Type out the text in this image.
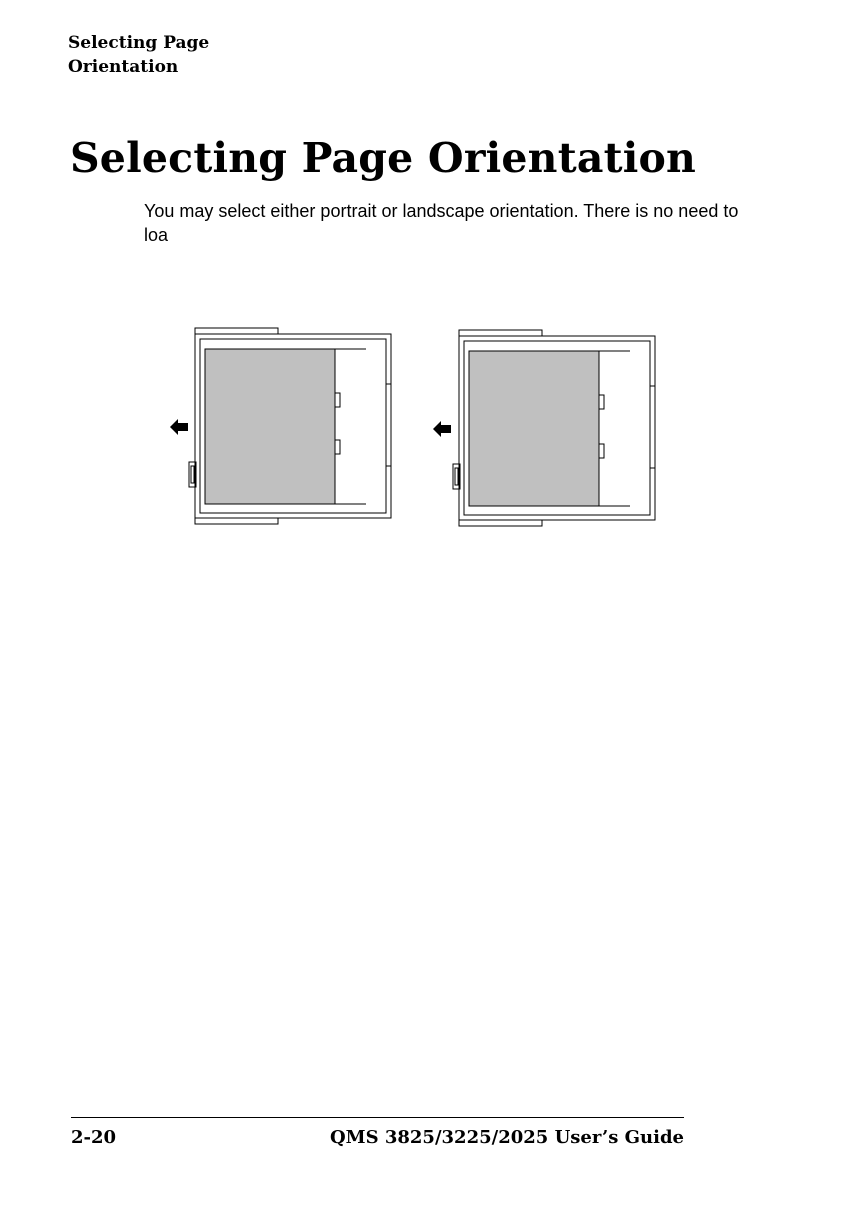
Selecting Page
Orientation
Selecting Page Orientation

You may select either portrait or landscape orientation. There is no need to loa

2-20	QMS 3825/3225/2025 User’s Guide
